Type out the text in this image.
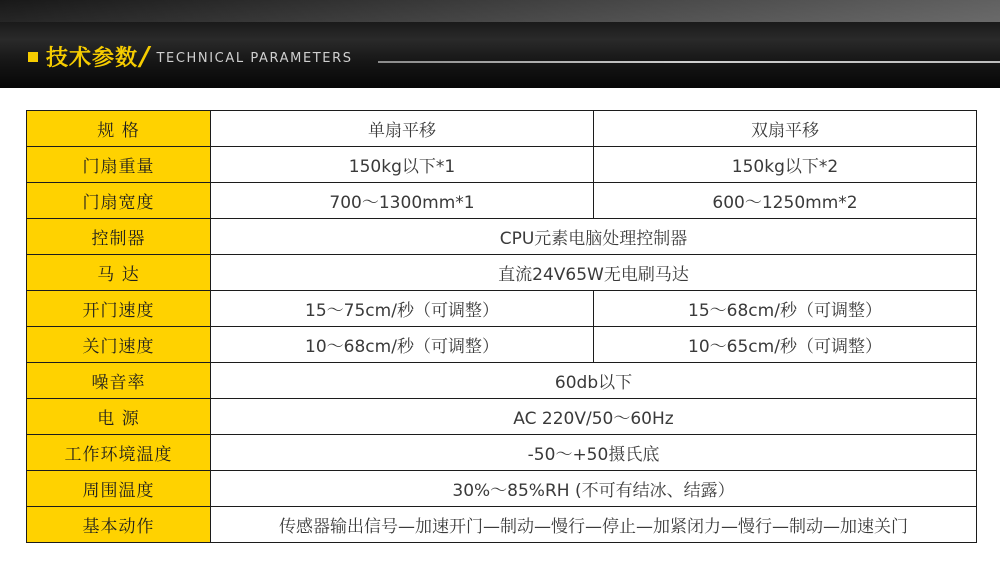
技术参数 / TECHNICAL PARAMETERS
规 格	单扇平移	双扇平移
门扇重量	150kg以下*1	150kg以下*2
门扇宽度	700～1300mm*1	600～1250mm*2
控制器	CPU元素电脑处理控制器	
马 达	直流24V65W无电刷马达	
开门速度	15～75cm/秒（可调整）	15～68cm/秒（可调整）
关门速度	10～68cm/秒（可调整）	10～65cm/秒（可调整）
噪音率	60db以下	
电 源	AC 220V/50～60Hz	
工作环境温度	-50～+50摄氏底	
周围温度	30%～85%RH (不可有结冰、结露）	
基本动作	传感器输出信号—加速开门—制动—慢行—停止—加紧闭力—慢行—制动—加速关门	
